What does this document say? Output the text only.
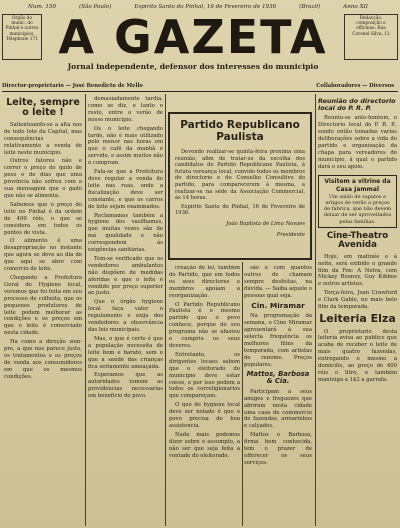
Num. 150	(São Paulo)	Espirito Santo do Pinhal, 16 de Fevereiro de 1936	(Brazil)	Anno XII
Orgão do munic. do Pinhal e outros municipios. Telephone 171
Redacção, composição e officinas: Rua Coronel Silva, 12
A GAZETA
Jornal independente, defensor dos interesses do municipio
Director-proprietario — José Benedicto de Mello	Collaboradores — Diversos
Leite, sempre o leite !

Salienteando-se a alta nos de todo lote da Capital, mas consequências relativamente a venda de leite neste municipio.

Outros fatores não e correr o preço do quilo de peso e de dias que uma província não sofreu com a sua mensagem que o gado que não se alimenta.

Sabemos que o preço do leite no Pinhal é da ordem de 400 réis, o que se considera em todos os pontos de vista.

O alimento é uma desapropriação no instante que agora se deve ao dia de que aqui se abre com comercio de leite.

Chegando a Prefeitura Geral de Hygiene local, veremos que foi feita em seu processo de colheita, que os pequenos produtores de leite podem melhorar as condições e os preços em que o leite é comerciado nesta cidade.

Ha como a direção sem-pre, a que nos parece justo, os tratamentos e os preços de venda aos consumidores em que os mesmos condições.

demasiadamente tardia, como se diz, e tanto o resto, entre o verão de nosso municipio.

Os o leite chegando tarde, não é mais utilizado pelo menor nas horas em que o café da manhã é servido, e assim muitos não o compram.

Fala-se que a Prefeitura deve regular a venda do leite nas ruas, onde a fiscalização deve ser constante, e que os carros de leite sejam examinados.

Reclamamos também a hygiene dos vasilhames, que muitas vezes são de má qualidade e não correspondem ás exigências sanitárias.

Tem-se verificado que os vendedores ambulantes não dispõem de medidas aferidas e que o leite é vendido por preço superior ao justo.

Que o órgão hygiene local faça valer o regulamento e exija dos vendedores a observância das leis municipais.

Mas, o que é certo é que a população necessita de leite bom e barato, sem o que a saúde das crianças fica seriamente ameaçada.

Esperamos que as autoridades tomem as providencias necessarias em beneficio do povo.

Partido Republicano Paulista

Devendo realizar-se quinta-feira proxima uma reunião, afim de tratar-se da escolha dos candidatos do Partido Republicano Paulista, á futura vereança local, convido todos os membros do directorio e do Conselho Consultivo do partido, para comparecerem á mesma, a realizar-se na séde da Associação Commercial, ás 14 horas.

Espirito Santo do Pinhal, 16 de Fevereiro de 1936.

João Baptista de Lima Novaes
Presidente

creação de lei, também do Partido, que em todos os seus directores e membros apoiam a reorganização.

O Partido Republicano Paulista é o mesmo partido que o povo conhece, porque do seu programa não se afastou e cumpriu os seus deveres.

Entretanto, os dirigentes locaes sabem que o eleitorado do municipio deve estar coeso, e por isso pedem a todos os correligionarios que compareçam.

O que de hygiene local deve ser notado é que o povo precisa de boa assistencia.

Nada mais podemos dizer sobre o assumpto, a não ser que seja feita a vontade do eleitorado.

são e com quantos outros de chamam sempre desfeitas, na dúvida. — Saiba aquele o pessoas qual seja.

Cin. Miramar

Na programação da semana, o Cine Miramar apresentará á sua selecta frequência os melhores films da temporada, com artistas de renome. Preços populares.

Mattos, Barbosa & Cia.

Participam a seus amigos e freguezes que abriram nesta cidade uma casa de commercio de fazendas, armarinhos e calçados.

Mattos e Barbosa, firma bem conhecida, tem o prazer de offerecer os seus serviços.

Reunião do directorio local do P. R. P.

Reuniu-se ante-hontem, o Directorio local do P. R. P., sendo então tomadas varias deliberações sobre a vida do partido e organização da chapa para vereadores do municipio, á qual o partido dará o seu apoio.

Visitem a vitrine da Casa Jammal
Um saldo de sapatos e artigos de verão a preços de fabrica, que não devem deixar de ser aproveitados pelas famílias.
Cine-Theatro Avenida

Hoje, em matinée e á noite, será exibido o grande film da Fox: A Noiva, com Mickey Rooney, Guy Kibbee e outros artistas.

Terça-feira, Joan Crawford e Clark Gable, no mais belo film da temporada.

Leiteria Elza

O proprietario desta leiteria avisa ao publico que acaba de receber o leite de mais quatro fazendas, entregando o mesmo a domicilio, ao preço de 400 réis o litro, e também manteiga a 1$2 a garrafa.
